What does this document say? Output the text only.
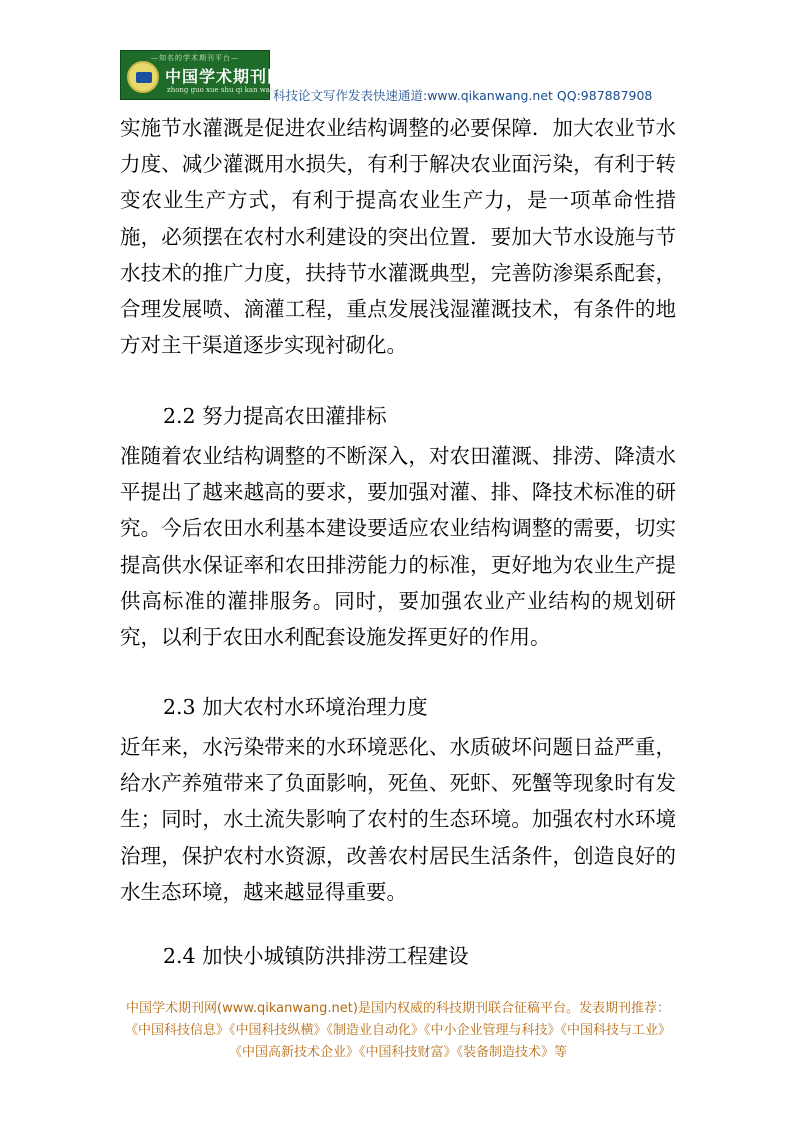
—知名的学术期刊平台—
中国学术期刊网
zhong guo xue shu qi kan wang
科技论文写作发表快速通道:www.qikanwang.net QQ:987887908

实施节水灌溉是促进农业结构调整的必要保障．加大农业节水力度、减少灌溉用水损失，有利于解决农业面污染，有利于转变农业生产方式，有利于提高农业生产力，是一项革命性措施，必须摆在农村水利建设的突出位置．要加大节水设施与节水技术的推广力度，扶持节水灌溉典型，完善防渗渠系配套，合理发展喷、滴灌工程，重点发展浅湿灌溉技术，有条件的地方对主干渠道逐步实现衬砌化。

2.2 努力提高农田灌排标

准随着农业结构调整的不断深入，对农田灌溉、排涝、降渍水平提出了越来越高的要求，要加强对灌、排、降技术标准的研究。今后农田水利基本建设要适应农业结构调整的需要，切实提高供水保证率和农田排涝能力的标准，更好地为农业生产提供高标准的灌排服务。同时，要加强农业产业结构的规划研究，以利于农田水利配套设施发挥更好的作用。

2.3 加大农村水环境治理力度

近年来，水污染带来的水环境恶化、水质破坏问题日益严重，给水产养殖带来了负面影响，死鱼、死虾、死蟹等现象时有发生；同时，水土流失影响了农村的生态环境。加强农村水环境治理，保护农村水资源，改善农村居民生活条件，创造良好的水生态环境，越来越显得重要。

2.4 加快小城镇防洪排涝工程建设

中国学术期刊网(www.qikanwang.net)是国内权威的科技期刊联合征稿平台。发表期刊推荐：《中国科技信息》《中国科技纵横》《制造业自动化》《中小企业管理与科技》《中国科技与工业》《中国高新技术企业》《中国科技财富》《装备制造技术》等
